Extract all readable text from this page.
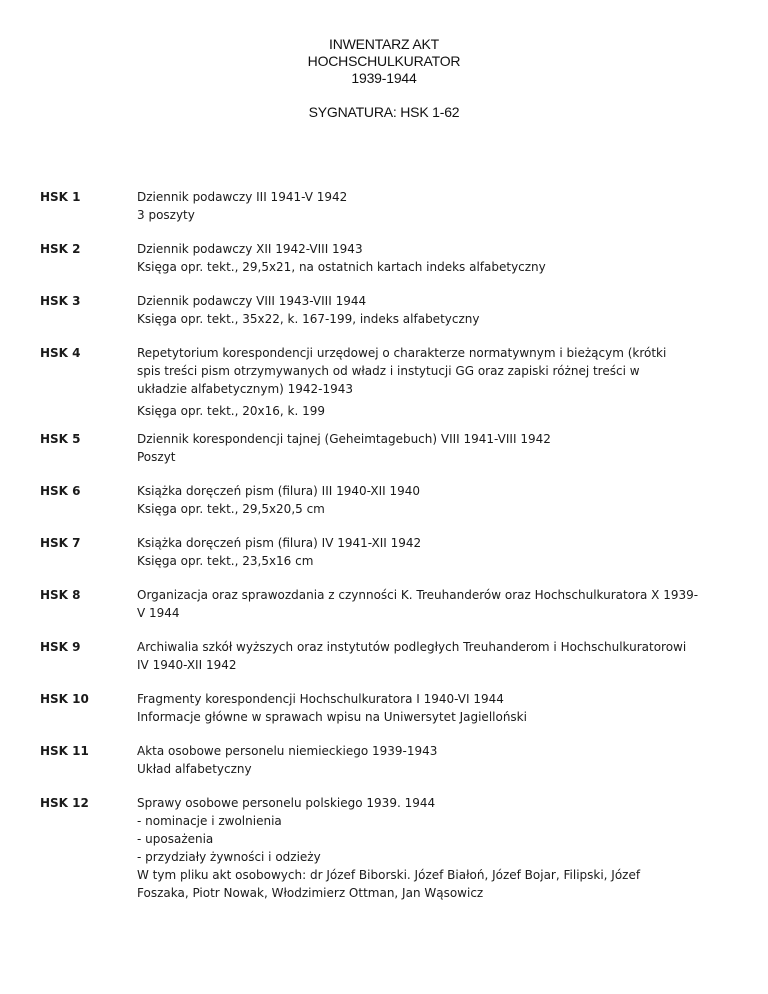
INWENTARZ AKT
HOCHSCHULKURATOR
1939-1944
SYGNATURA: HSK 1-62
HSK 1	Dziennik podawczy III 1941-V 1942
3 poszyty
HSK 2	Dziennik podawczy XII 1942-VIII 1943
Księga opr. tekt., 29,5x21, na ostatnich kartach indeks alfabetyczny
HSK 3	Dziennik podawczy VIII 1943-VIII 1944
Księga opr. tekt., 35x22, k. 167-199, indeks alfabetyczny
HSK 4	Repetytorium korespondencji urzędowej o charakterze normatywnym i bieżącym (krótki
spis treści pism otrzymywanych od władz i instytucji GG oraz zapiski różnej treści w
układzie alfabetycznym) 1942-1943
Księga opr. tekt., 20x16, k. 199
HSK 5	Dziennik korespondencji tajnej (Geheimtagebuch) VIII 1941-VIII 1942
Poszyt
HSK 6	Książka doręczeń pism (filura) III 1940-XII 1940
Księga opr. tekt., 29,5x20,5 cm
HSK 7	Książka doręczeń pism (filura) IV 1941-XII 1942
Księga opr. tekt., 23,5x16 cm
HSK 8	Organizacja oraz sprawozdania z czynności K. Treuhanderów oraz Hochschulkuratora X 1939-
V 1944
HSK 9	Archiwalia szkół wyższych oraz instytutów podległych Treuhanderom i Hochschulkuratorowi
IV 1940-XII 1942
HSK 10	Fragmenty korespondencji Hochschulkuratora I 1940-VI 1944
Informacje główne w sprawach wpisu na Uniwersytet Jagielloński
HSK 11	Akta osobowe personelu niemieckiego 1939-1943
Układ alfabetyczny
HSK 12	Sprawy osobowe personelu polskiego 1939. 1944
- nominacje i zwolnienia
- uposażenia
- przydziały żywności i odzieży
W tym pliku akt osobowych: dr Józef Biborski. Józef Białoń, Józef Bojar, Filipski, Józef
Foszaka, Piotr Nowak, Włodzimierz Ottman, Jan Wąsowicz
